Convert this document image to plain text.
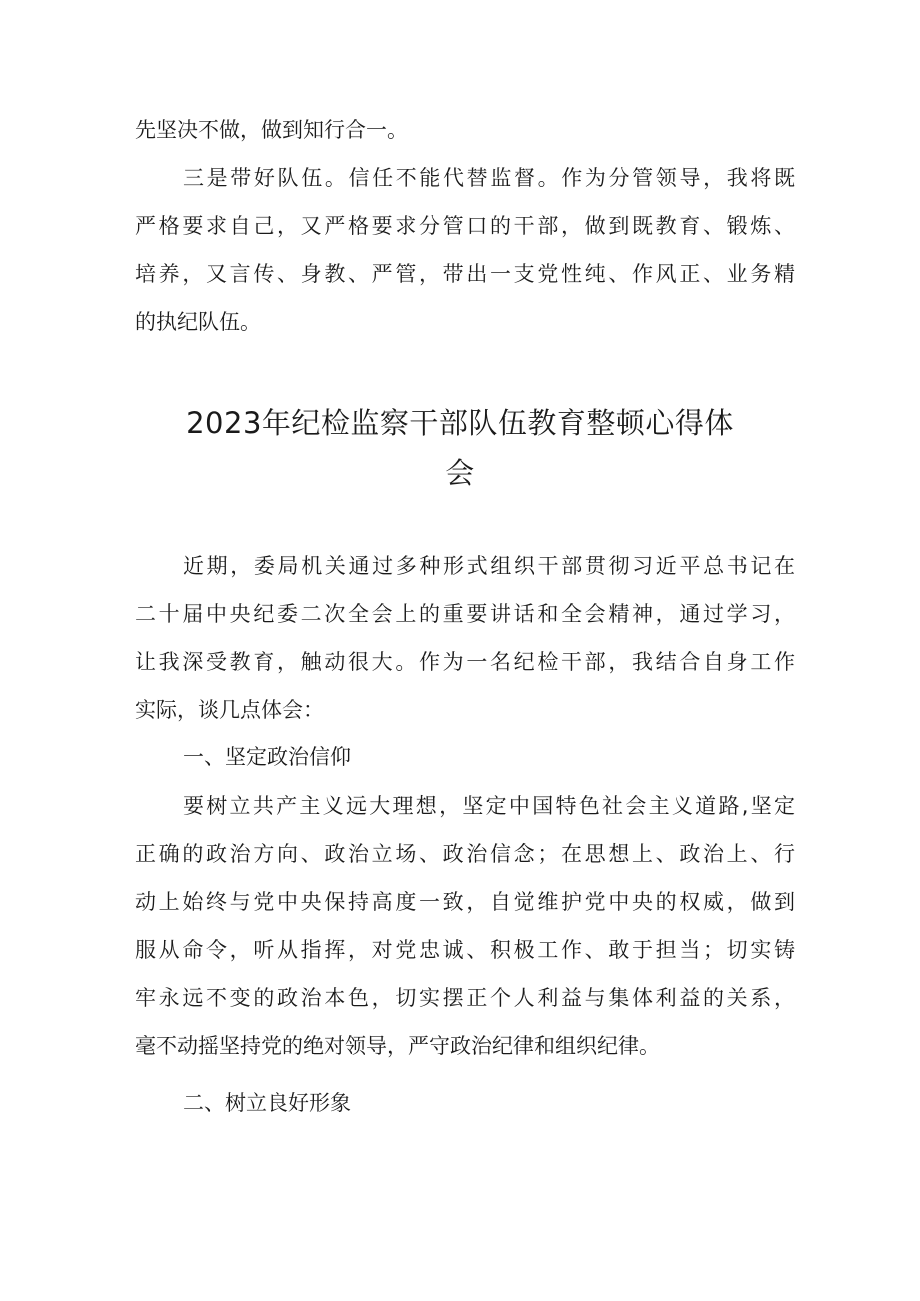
先坚决不做，做到知行合一。
三是带好队伍。信任不能代替监督。作为分管领导，我将既
严格要求自己，又严格要求分管口的干部，做到既教育、锻炼、
培养，又言传、身教、严管，带出一支党性纯、作风正、业务精
的执纪队伍。
2023年纪检监察干部队伍教育整顿心得体
会
近期，委局机关通过多种形式组织干部贯彻习近平总书记在
二十届中央纪委二次全会上的重要讲话和全会精神，通过学习，
让我深受教育，触动很大。作为一名纪检干部，我结合自身工作
实际，谈几点体会：
一、坚定政治信仰
要树立共产主义远大理想，坚定中国特色社会主义道路,坚定
正确的政治方向、政治立场、政治信念；在思想上、政治上、行
动上始终与党中央保持高度一致，自觉维护党中央的权威，做到
服从命令，听从指挥，对党忠诚、积极工作、敢于担当；切实铸
牢永远不变的政治本色，切实摆正个人利益与集体利益的关系，
毫不动摇坚持党的绝对领导，严守政治纪律和组织纪律。
二、树立良好形象
